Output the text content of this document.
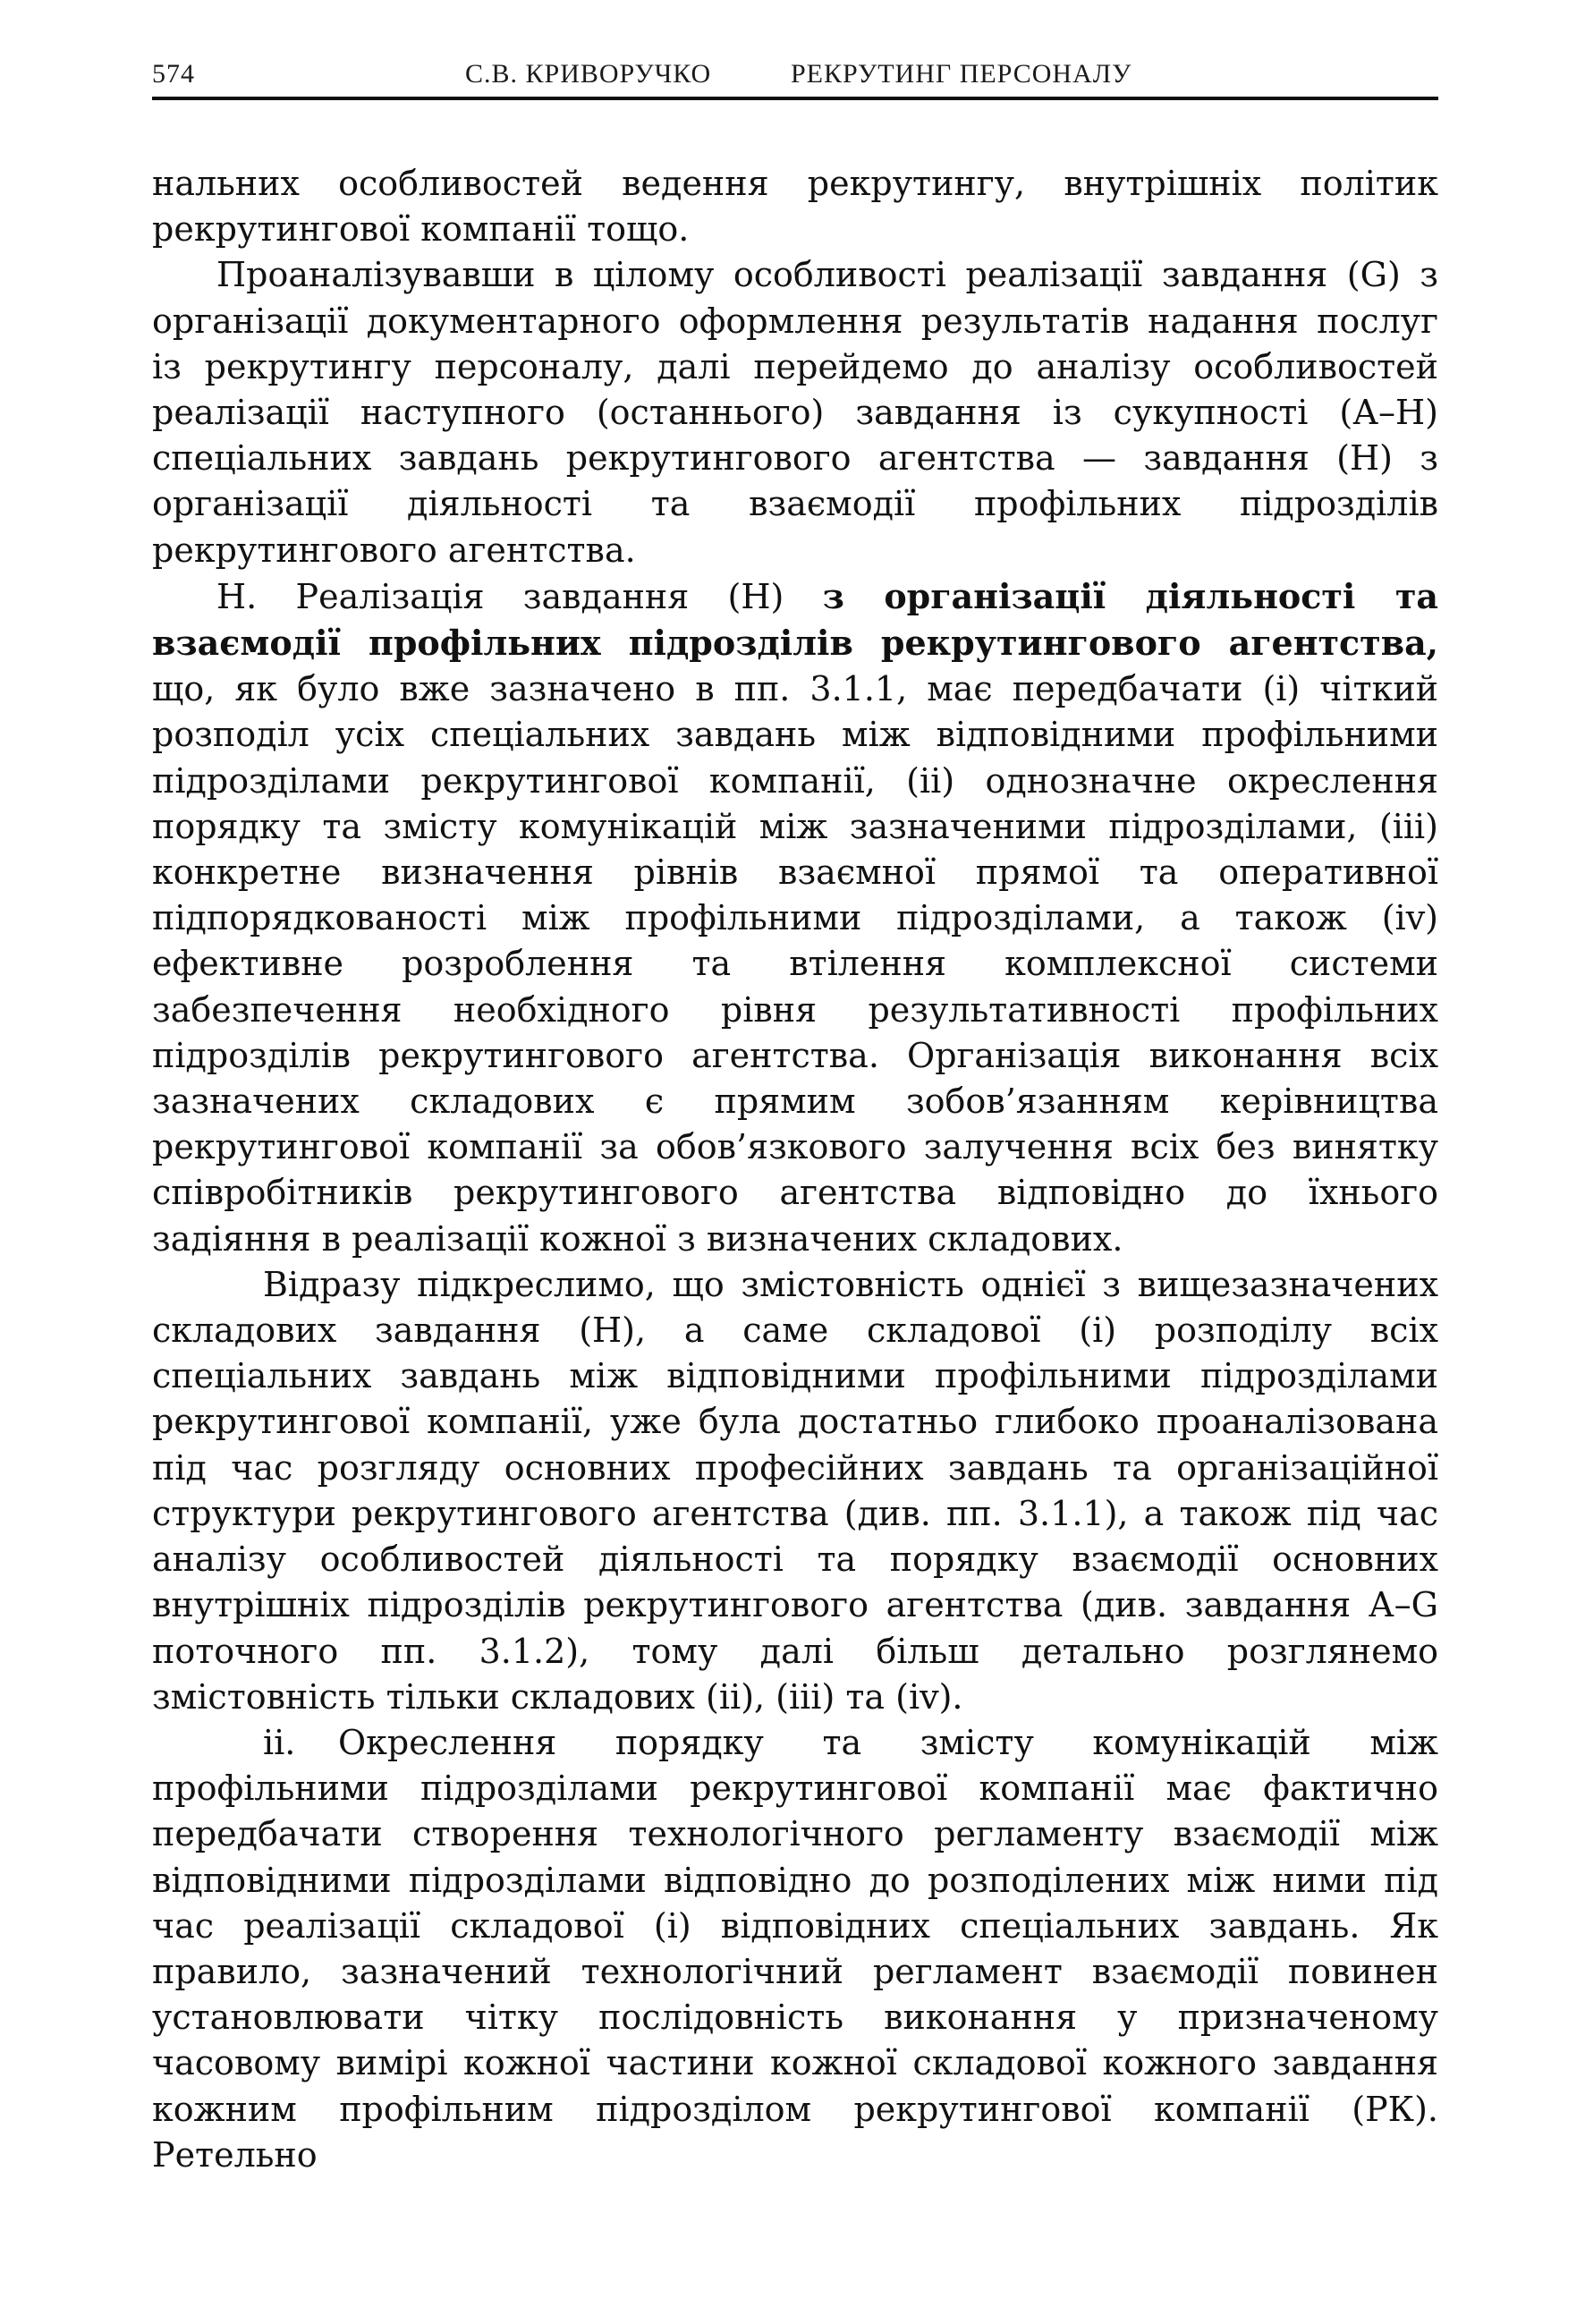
574	С.В. КРИВОРУЧКО	РЕКРУТИНГ ПЕРСОНАЛУ

нальних особливостей ведення рекрутингу, внутрішніх політик рекрутингової компанії тощо.

Проаналізувавши в цілому особливості реалізації завдання (G) з організації документарного оформлення результатів надання послуг із рекрутингу персоналу, далі перейдемо до аналізу особливостей реалізації наступного (останнього) завдання із сукупності (А–Н) спеціальних завдань рекрутингового агентства — завдання (Н) з організації діяльності та взаємодії профільних підрозділів рекрутингового агентства.

Н. Реалізація завдання (Н) з організації діяльності та взаємодії профільних підрозділів рекрутингового агентства, що, як було вже зазначено в пп. 3.1.1, має передбачати (і) чіткий розподіл усіх спеціальних завдань між відповідними профільними підрозділами рекрутингової компанії, (іі) однозначне окреслення порядку та змісту комунікацій між зазначеними підрозділами, (ііі) конкретне визначення рівнів взаємної прямої та оперативної підпорядкованості між профільними підрозділами, а також (iv) ефективне розроблення та втілення комплексної системи забезпечення необхідного рівня результативності профільних підрозділів рекрутингового агентства. Організація виконання всіх зазначених складових є прямим зобов’язанням керівництва рекрутингової компанії за обов’язкового залучення всіх без винятку співробітників рекрутингового агентства відповідно до їхнього задіяння в реалізації кожної з визначених складових.

Відразу підкреслимо, що змістовність однієї з вищезазначених складових завдання (Н), а саме складової (і) розподілу всіх спеціальних завдань між відповідними профільними підрозділами рекрутингової компанії, уже була достатньо глибоко проаналізована під час розгляду основних професійних завдань та організаційної структури рекрутингового агентства (див. пп. 3.1.1), а також під час аналізу особливостей діяльності та порядку взаємодії основних внутрішніх підрозділів рекрутингового агентства (див. завдання А–G поточного пп. 3.1.2), тому далі більш детально розглянемо змістовність тільки складових (іі), (ііі) та (iv).

іі. Окреслення порядку та змісту комунікацій між профільними підрозділами рекрутингової компанії має фактично передбачати створення технологічного регламенту взаємодії між відповідними підрозділами відповідно до розподілених між ними під час реалізації складової (і) відповідних спеціальних завдань. Як правило, зазначений технологічний регламент взаємодії повинен установлювати чітку послідовність виконання у призначеному часовому вимірі кожної частини кожної складової кожного завдання кожним профільним підрозділом рекрутингової компанії (РК). Ретельно
